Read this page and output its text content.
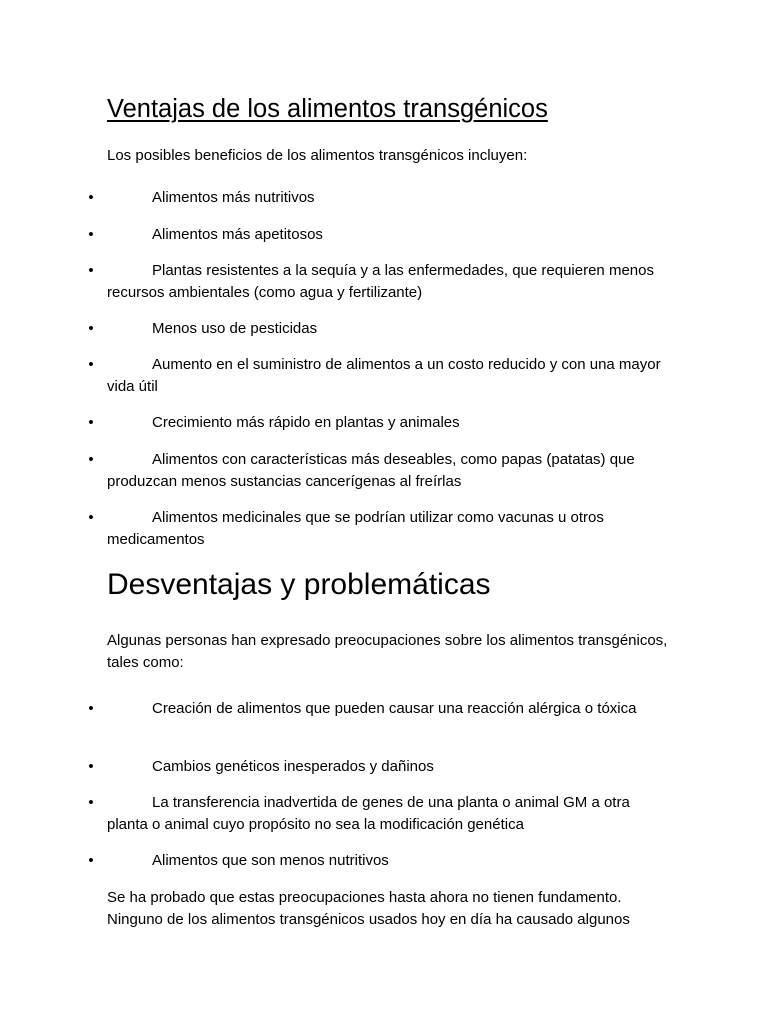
Ventajas de los alimentos transgénicos

Los posibles beneficios de los alimentos transgénicos incluyen:

•	Alimentos más nutritivos

•	Alimentos más apetitosos

•	Plantas resistentes a la sequía y a las enfermedades, que requieren menos recursos ambientales (como agua y fertilizante)

•	Menos uso de pesticidas

•	Aumento en el suministro de alimentos a un costo reducido y con una mayor vida útil

•	Crecimiento más rápido en plantas y animales

•	Alimentos con características más deseables, como papas (patatas) que produzcan menos sustancias cancerígenas al freírlas

•	Alimentos medicinales que se podrían utilizar como vacunas u otros medicamentos

Desventajas y problemáticas

Algunas personas han expresado preocupaciones sobre los alimentos transgénicos, tales como:

•	Creación de alimentos que pueden causar una reacción alérgica o tóxica

•	Cambios genéticos inesperados y dañinos

•	La transferencia inadvertida de genes de una planta o animal GM a otra planta o animal cuyo propósito no sea la modificación genética

•	Alimentos que son menos nutritivos

Se ha probado que estas preocupaciones hasta ahora no tienen fundamento. Ninguno de los alimentos transgénicos usados hoy en día ha causado algunos
